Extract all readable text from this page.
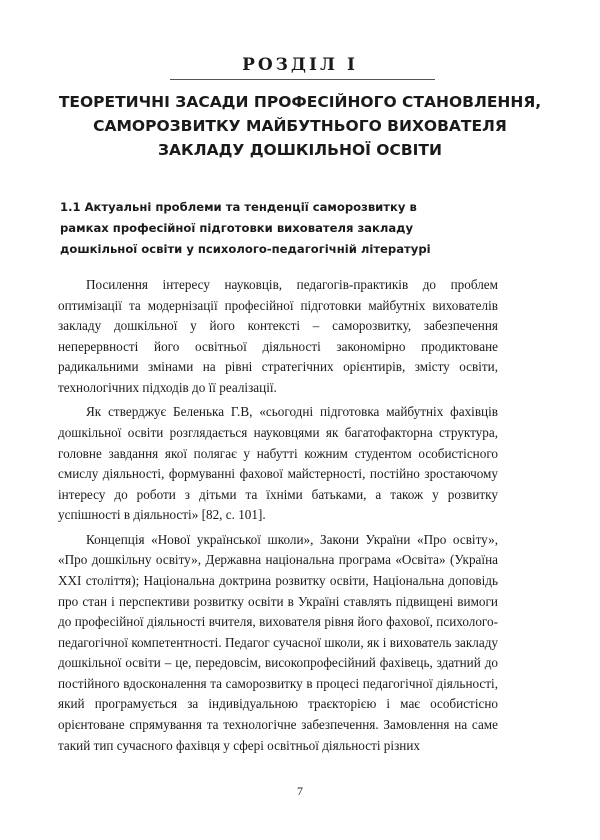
РОЗДІЛ І
ТЕОРЕТИЧНІ ЗАСАДИ ПРОФЕСІЙНОГО СТАНОВЛЕННЯ,
САМОРОЗВИТКУ МАЙБУТНЬОГО ВИХОВАТЕЛЯ
ЗАКЛАДУ ДОШКІЛЬНОЇ ОСВІТИ
1.1 Актуальні проблеми та тенденції саморозвитку в
рамках професійної підготовки вихователя закладу
дошкільної освіти у психолого-педагогічній літературі

Посилення інтересу науковців, педагогів-практиків до проблем оптимізації та модернізації професійної підготовки майбутніх вихователів закладу дошкільної у його контексті – саморозвитку, забезпечення неперервності його освітньої діяльності закономірно продиктоване радикальними змінами на рівні стратегічних орієнтирів, змісту освіти, технологічних підходів до її реалізації.

Як стверджує Беленька Г.В, «сьогодні підготовка майбутніх фахівців дошкільної освіти розглядається науковцями як багатофакторна структура, головне завдання якої полягає у набутті кожним студентом особистісного смислу діяльності, формуванні фахової майстерності, постійно зростаючому інтересу до роботи з дітьми та їхніми батьками, а також у розвитку успішності в діяльності» [82, с. 101].

Концепція «Нової української школи», Закони України «Про освіту», «Про дошкільну освіту», Державна національна програма «Освіта» (Україна XXI століття); Національна доктрина розвитку освіти, Національна доповідь про стан і перспективи розвитку освіти в Україні ставлять підвищені вимоги до професійної діяльності вчителя, вихователя рівня його фахової, психолого-педагогічної компетентності. Педагог сучасної школи, як і вихователь закладу дошкільної освіти – це, передовсім, високопрофесійний фахівець, здатний до постійного вдосконалення та саморозвитку в процесі педагогічної діяльності, який програмується за індивідуальною траєкторією і має особистісно орієнтоване спрямування та технологічне забезпечення. Замовлення на саме такий тип сучасного фахівця у сфері освітньої діяльності різних

7
